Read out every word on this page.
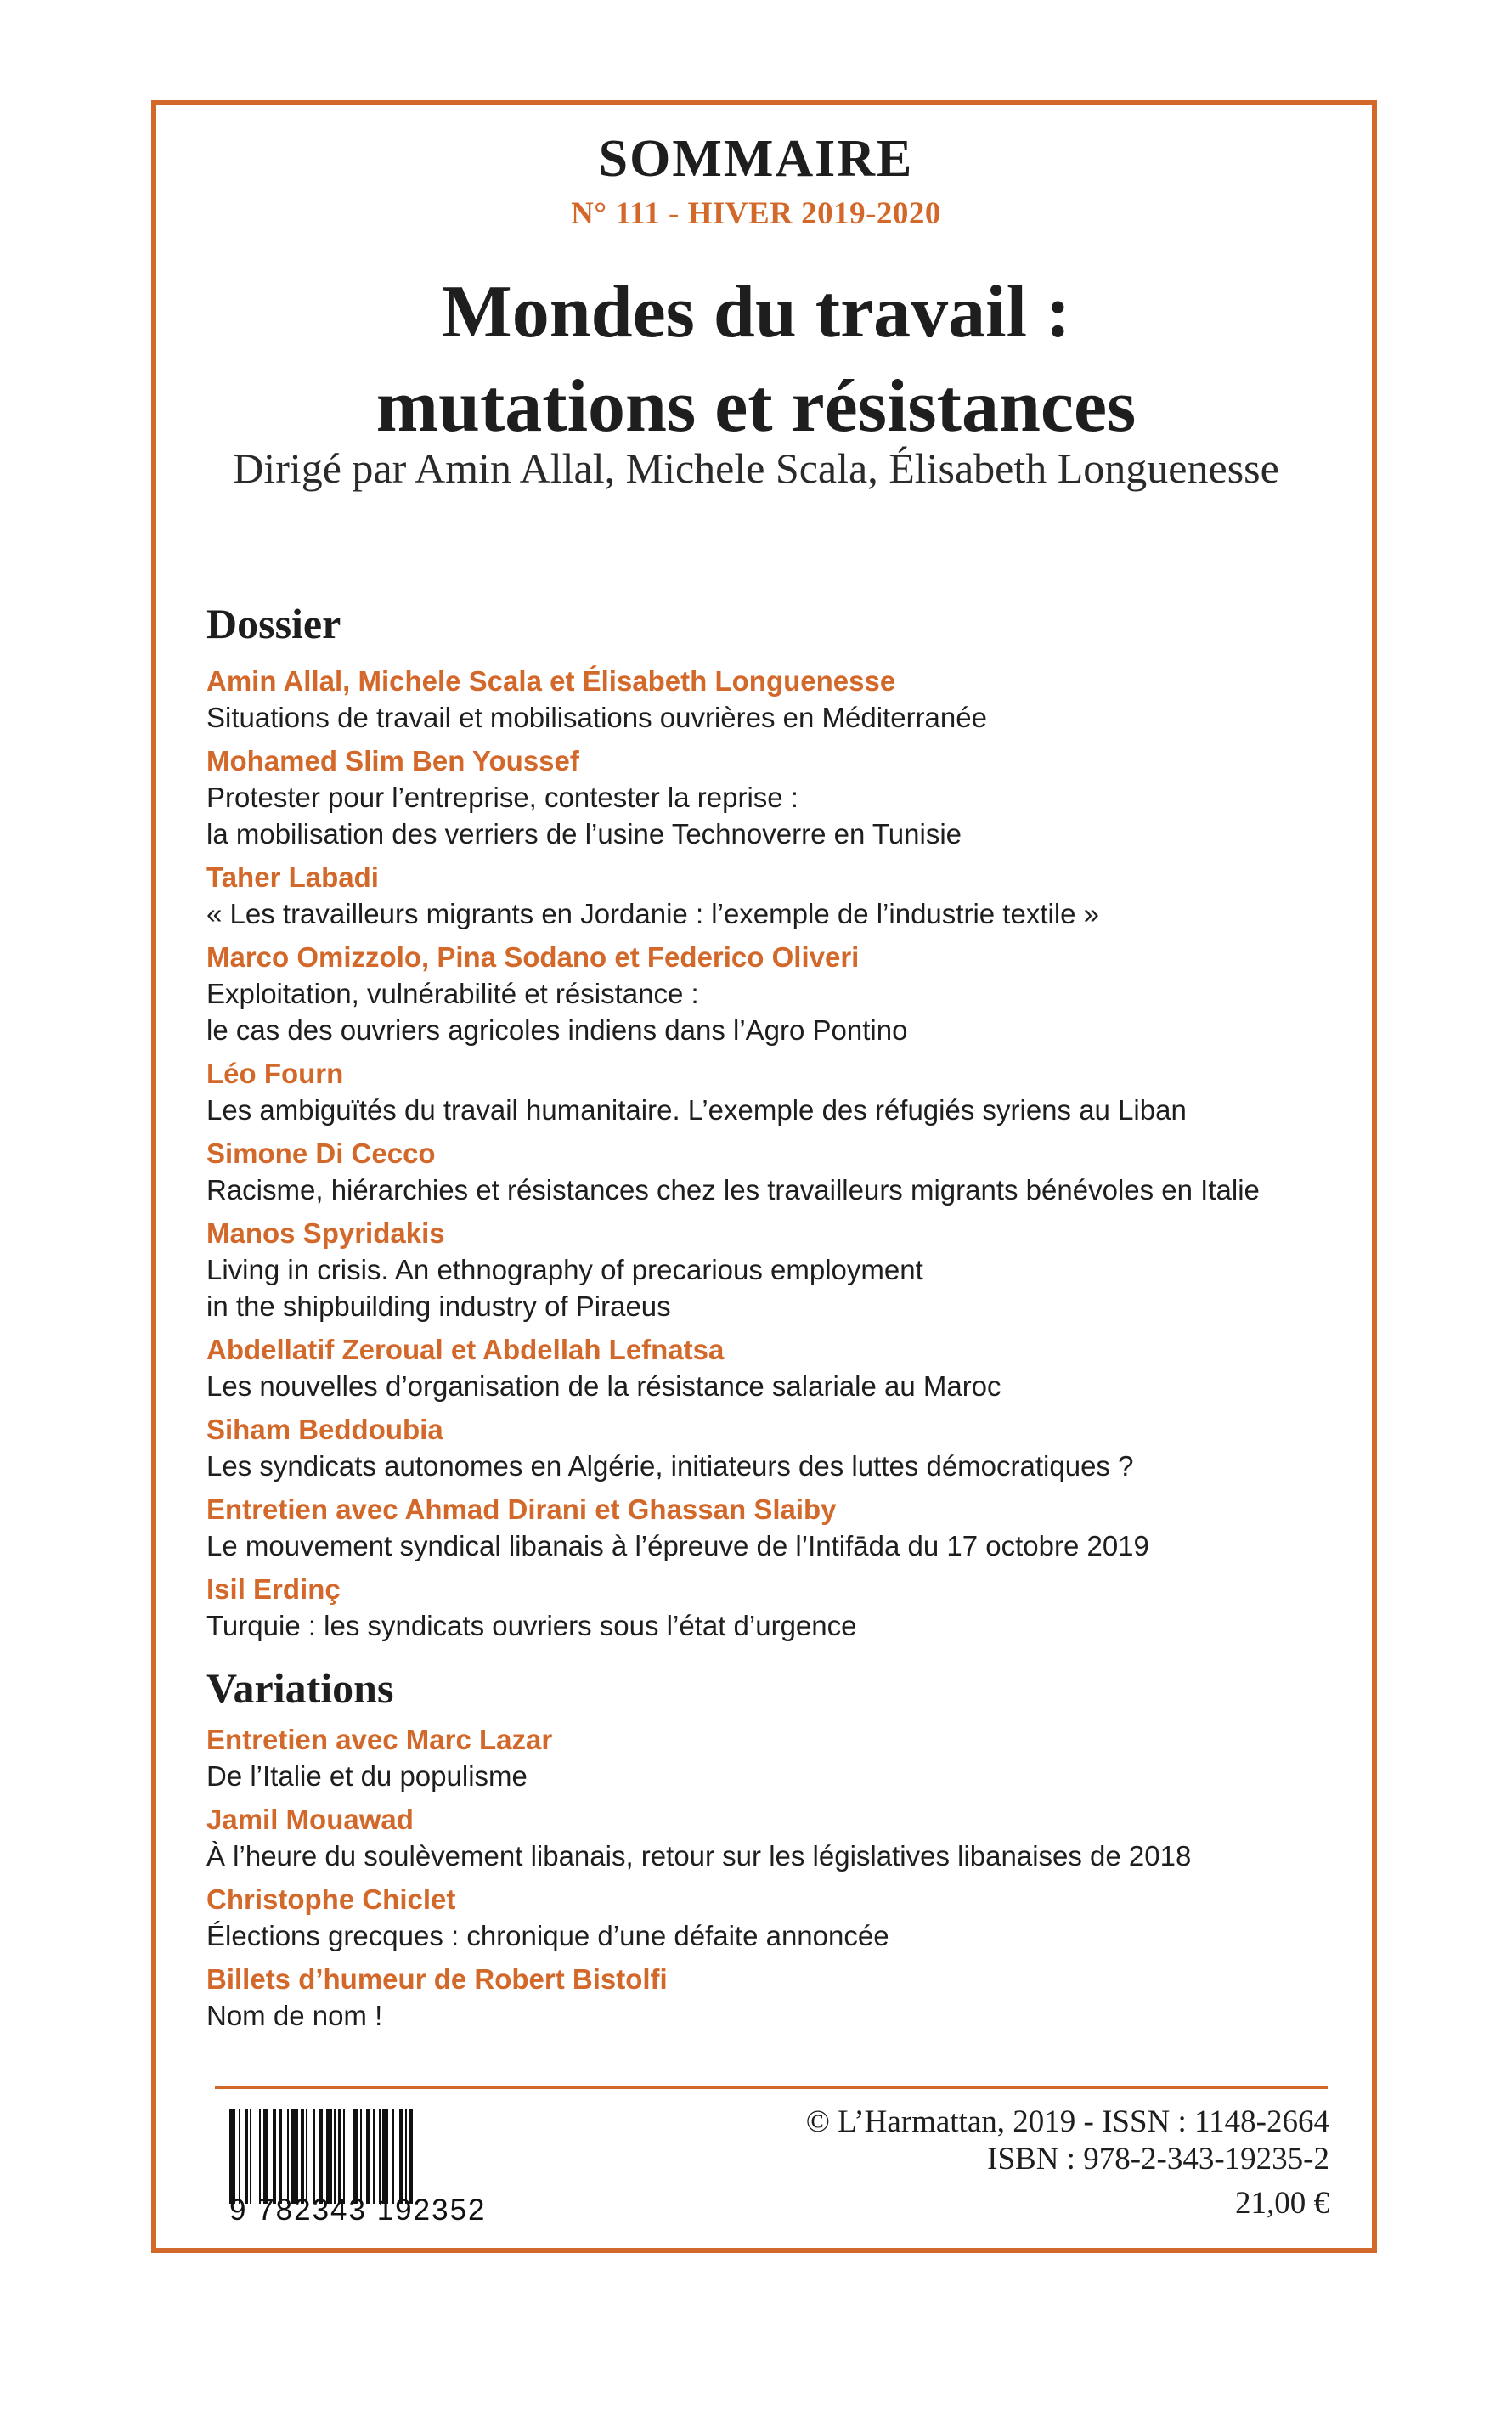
SOMMAIRE
N° 111 - HIVER 2019-2020
Mondes du travail :
mutations et résistances
Dirigé par Amin Allal, Michele Scala, Élisabeth Longuenesse
Dossier
Amin Allal, Michele Scala et Élisabeth Longuenesse
Situations de travail et mobilisations ouvrières en Méditerranée
Mohamed Slim Ben Youssef
Protester pour l’entreprise, contester la reprise :
la mobilisation des verriers de l’usine Technoverre en Tunisie
Taher Labadi
« Les travailleurs migrants en Jordanie : l’exemple de l’industrie textile »
Marco Omizzolo, Pina Sodano et Federico Oliveri
Exploitation, vulnérabilité et résistance :
le cas des ouvriers agricoles indiens dans l’Agro Pontino
Léo Fourn
Les ambiguïtés du travail humanitaire. L’exemple des réfugiés syriens au Liban
Simone Di Cecco
Racisme, hiérarchies et résistances chez les travailleurs migrants bénévoles en Italie
Manos Spyridakis
Living in crisis. An ethnography of precarious employment
in the shipbuilding industry of Piraeus
Abdellatif Zeroual et Abdellah Lefnatsa
Les nouvelles d’organisation de la résistance salariale au Maroc
Siham Beddoubia
Les syndicats autonomes en Algérie, initiateurs des luttes démocratiques ?
Entretien avec Ahmad Dirani et Ghassan Slaiby
Le mouvement syndical libanais à l’épreuve de l’Intifāda du 17 octobre 2019
Isil Erdinç
Turquie : les syndicats ouvriers sous l’état d’urgence
Variations
Entretien avec Marc Lazar
De l’Italie et du populisme
Jamil Mouawad
À l’heure du soulèvement libanais, retour sur les législatives libanaises de 2018
Christophe Chiclet
Élections grecques : chronique d’une défaite annoncée
Billets d’humeur de Robert Bistolfi
Nom de nom !
9 782343 192352
© L’Harmattan, 2019 - ISSN : 1148-2664
ISBN : 978-2-343-19235-2
21,00 €
